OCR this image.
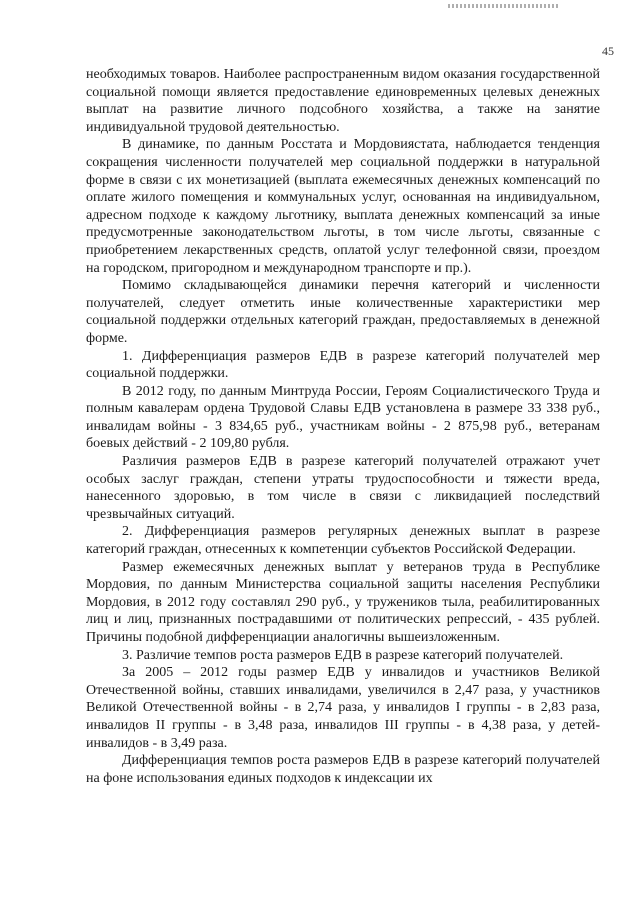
45

необходимых товаров. Наиболее распространенным видом оказания государственной социальной помощи является предоставление единовременных целевых денежных выплат на развитие личного подсобного хозяйства, а также на занятие индивидуальной трудовой деятельностью.

В динамике, по данным Росстата и Мордовиястата, наблюдается тенденция сокращения численности получателей мер социальной поддержки в натуральной форме в связи с их монетизацией (выплата ежемесячных денежных компенсаций по оплате жилого помещения и коммунальных услуг, основанная на индивидуальном, адресном подходе к каждому льготнику, выплата денежных компенсаций за иные предусмотренные законодательством льготы, в том числе льготы, связанные с приобретением лекарственных средств, оплатой услуг телефонной связи, проездом на городском, пригородном и международном транспорте и пр.).

Помимо складывающейся динамики перечня категорий и численности получателей, следует отметить иные количественные характеристики мер социальной поддержки отдельных категорий граждан, предоставляемых в денежной форме.

1. Дифференциация размеров ЕДВ в разрезе категорий получателей мер социальной поддержки.

В 2012 году, по данным Минтруда России, Героям Социалистического Труда и полным кавалерам ордена Трудовой Славы ЕДВ установлена в размере 33 338 руб., инвалидам войны - 3 834,65 руб., участникам войны - 2 875,98 руб., ветеранам боевых действий - 2 109,80 рубля.

Различия размеров ЕДВ в разрезе категорий получателей отражают учет особых заслуг граждан, степени утраты трудоспособности и тяжести вреда, нанесенного здоровью, в том числе в связи с ликвидацией последствий чрезвычайных ситуаций.

2. Дифференциация размеров регулярных денежных выплат в разрезе категорий граждан, отнесенных к компетенции субъектов Российской Федерации.

Размер ежемесячных денежных выплат у ветеранов труда в Республике Мордовия, по данным Министерства социальной защиты населения Республики Мордовия, в 2012 году составлял 290 руб., у тружеников тыла, реабилитированных лиц и лиц, признанных пострадавшими от политических репрессий, - 435 рублей. Причины подобной дифференциации аналогичны вышеизложенным.

3. Различие темпов роста размеров ЕДВ в разрезе категорий получателей.

За 2005 – 2012 годы размер ЕДВ у инвалидов и участников Великой Отечественной войны, ставших инвалидами, увеличился в 2,47 раза, у участников Великой Отечественной войны - в 2,74 раза, у инвалидов I группы - в 2,83 раза, инвалидов II группы - в 3,48 раза, инвалидов III группы - в 4,38 раза, у детей-инвалидов - в 3,49 раза.

Дифференциация темпов роста размеров ЕДВ в разрезе категорий получателей на фоне использования единых подходов к индексации их
